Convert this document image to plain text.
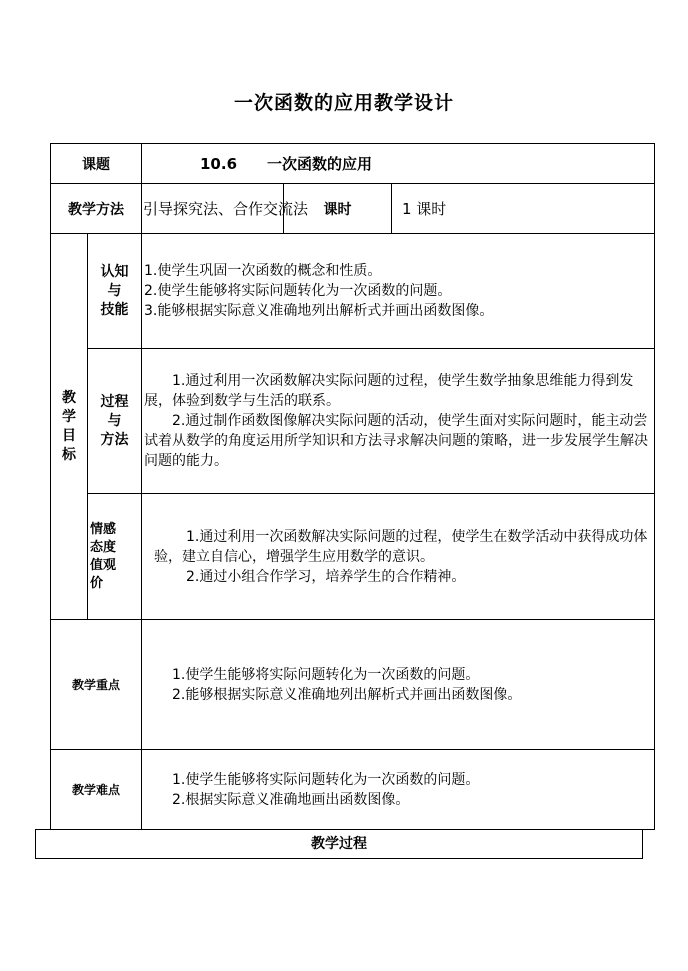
一次函数的应用教学设计
课题		10.6　　一次函数的应用		
教学方法		引导探究法、合作交流法	课时	1 课时

教
学
目
标	认知
与
技能	1.使学生巩固一次函数的概念和性质。
2.使学生能够将实际问题转化为一次函数的问题。
3.能够根据实际意义准确地列出解析式并画出函数图像。		

	过程
与
方法	1.通过利用一次函数解决实际问题的过程，使学生数学抽象思维能力得到发展，体验到数学与生活的联系。
2.通过制作函数图像解决实际问题的活动，使学生面对实际问题时，能主动尝试着从数学的角度运用所学知识和方法寻求解决问题的策略，进一步发展学生解决问题的能力。		

	情感
态度
值观
价	1.通过利用一次函数解决实际问题的过程，使学生在数学活动中获得成功体验，建立自信心，增强学生应用数学的意识。
2.通过小组合作学习，培养学生的合作精神。		

教学重点		1.使学生能够将实际问题转化为一次函数的问题。
2.能够根据实际意义准确地列出解析式并画出函数图像。		

教学难点		1.使学生能够将实际问题转化为一次函数的问题。
2.根据实际意义准确地画出函数图像。		
教学过程
